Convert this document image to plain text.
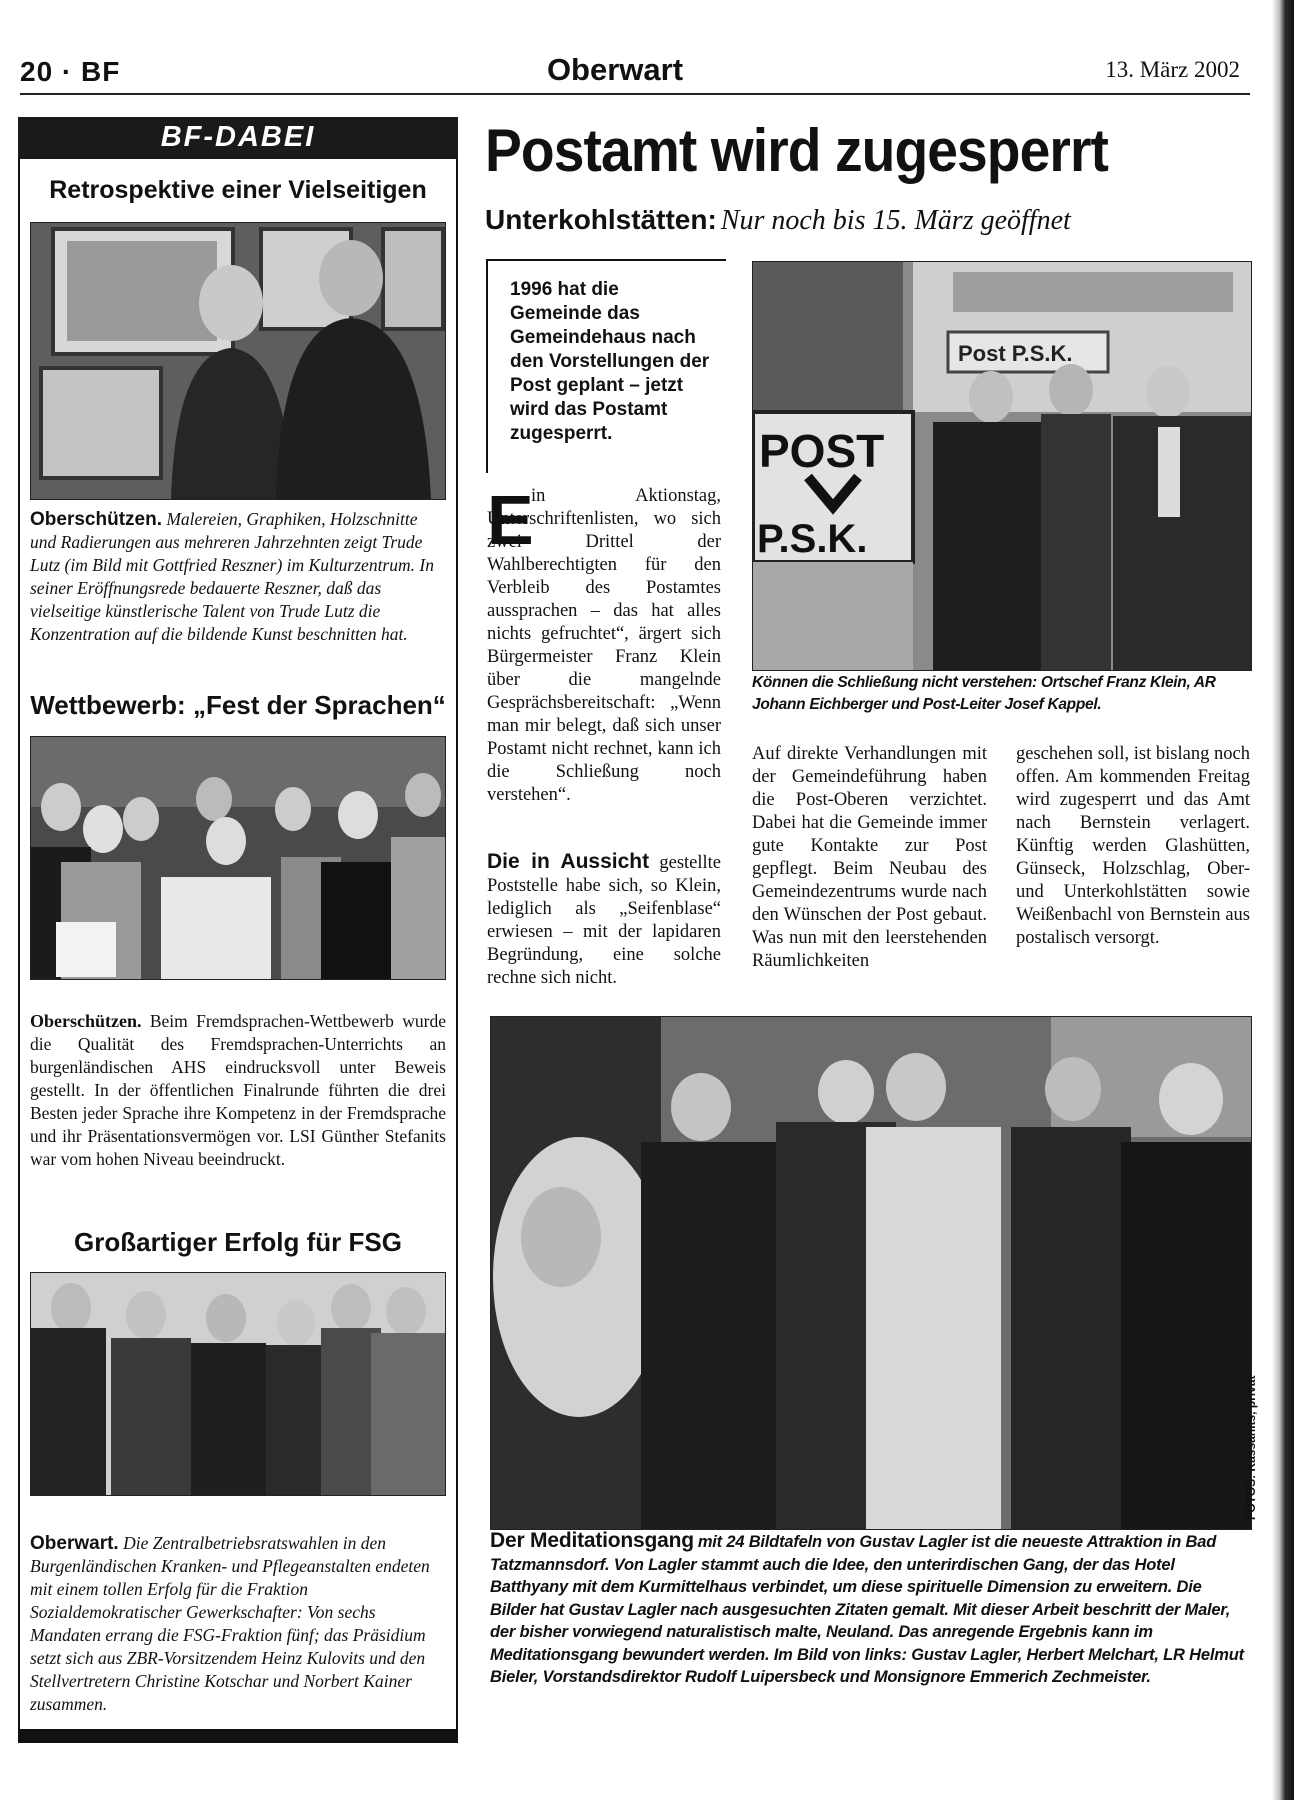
20 · BF	Oberwart	13. März 2002
BF-DABEI
Retrospektive einer Vielseitigen

Oberschützen. Malereien, Graphiken, Holzschnitte und Radierungen aus mehreren Jahrzehnten zeigt Trude Lutz (im Bild mit Gottfried Reszner) im Kulturzentrum. In seiner Eröffnungsrede bedauerte Reszner, daß das vielseitige künstlerische Talent von Trude Lutz die Konzentration auf die bildende Kunst beschnitten hat.

Wettbewerb: „Fest der Sprachen“

Oberschützen. Beim Fremdsprachen-Wettbewerb wurde die Qualität des Fremdsprachen-Unterrichts an burgenländischen AHS eindrucksvoll unter Beweis gestellt. In der öffentlichen Finalrunde führten die drei Besten jeder Sprache ihre Kompetenz in der Fremdsprache und ihr Präsentationsvermögen vor. LSI Günther Stefanits war vom hohen Niveau beeindruckt.

Großartiger Erfolg für FSG

Oberwart. Die Zentralbetriebsratswahlen in den Burgenländischen Kranken- und Pflegeanstalten endeten mit einem tollen Erfolg für die Fraktion Sozialdemokratischer Gewerkschafter: Von sechs Mandaten errang die FSG-Fraktion fünf; das Präsidium setzt sich aus ZBR-Vorsitzendem Heinz Kulovits und den Stellvertretern Christine Kotschar und Norbert Kainer zusammen.

Postamt wird zugesperrt
Unterkohlstätten: Nur noch bis 15. März geöffnet
1996 hat die Gemeinde das Gemeindehaus nach den Vorstellungen der Post geplant – jetzt wird das Postamt zugesperrt.
E

in Aktionstag, Unterschriftenlisten, wo sich zwei Drittel der Wahlberechtigten für den Verbleib des Postamtes aussprachen – das hat alles nichts gefruchtet“, ärgert sich Bürgermeister Franz Klein über die mangelnde Gesprächsbereitschaft: „Wenn man mir belegt, daß sich unser Postamt nicht rechnet, kann ich die Schließung noch verstehen“.

Die in Aussicht gestellte Poststelle habe sich, so Klein, lediglich als „Seifenblase“ erwiesen – mit der lapidaren Begründung, eine solche rechne sich nicht.

Post P.S.K.
POST
P.S.K.
Können die Schließung nicht verstehen: Ortschef Franz Klein, AR Johann Eichberger und Post-Leiter Josef Kappel.

Auf direkte Verhandlungen mit der Gemeindeführung haben die Post-Oberen verzichtet. Dabei hat die Gemeinde immer gute Kontakte zur Post gepflegt. Beim Neubau des Gemeindezentrums wurde nach den Wünschen der Post gebaut. Was nun mit den leerstehenden Räumlichkeiten

geschehen soll, ist bislang noch offen. Am kommenden Freitag wird zugesperrt und das Amt nach Bernstein verlagert. Künftig werden Glashütten, Günseck, Holzschlag, Ober- und Unterkohlstätten sowie Weißenbachl von Bernstein aus postalisch versorgt.

FOTOS: Kassanits, privat

Der Meditationsgang mit 24 Bildtafeln von Gustav Lagler ist die neueste Attraktion in Bad Tatzmannsdorf. Von Lagler stammt auch die Idee, den unterirdischen Gang, der das Hotel Batthyany mit dem Kurmittelhaus verbindet, um diese spirituelle Dimension zu erweitern. Die Bilder hat Gustav Lagler nach ausgesuchten Zitaten gemalt. Mit dieser Arbeit beschritt der Maler, der bisher vorwiegend naturalistisch malte, Neuland. Das anregende Ergebnis kann im Meditationsgang bewundert werden. Im Bild von links: Gustav Lagler, Herbert Melchart, LR Helmut Bieler, Vorstandsdirektor Rudolf Luipersbeck und Monsignore Emmerich Zechmeister.
